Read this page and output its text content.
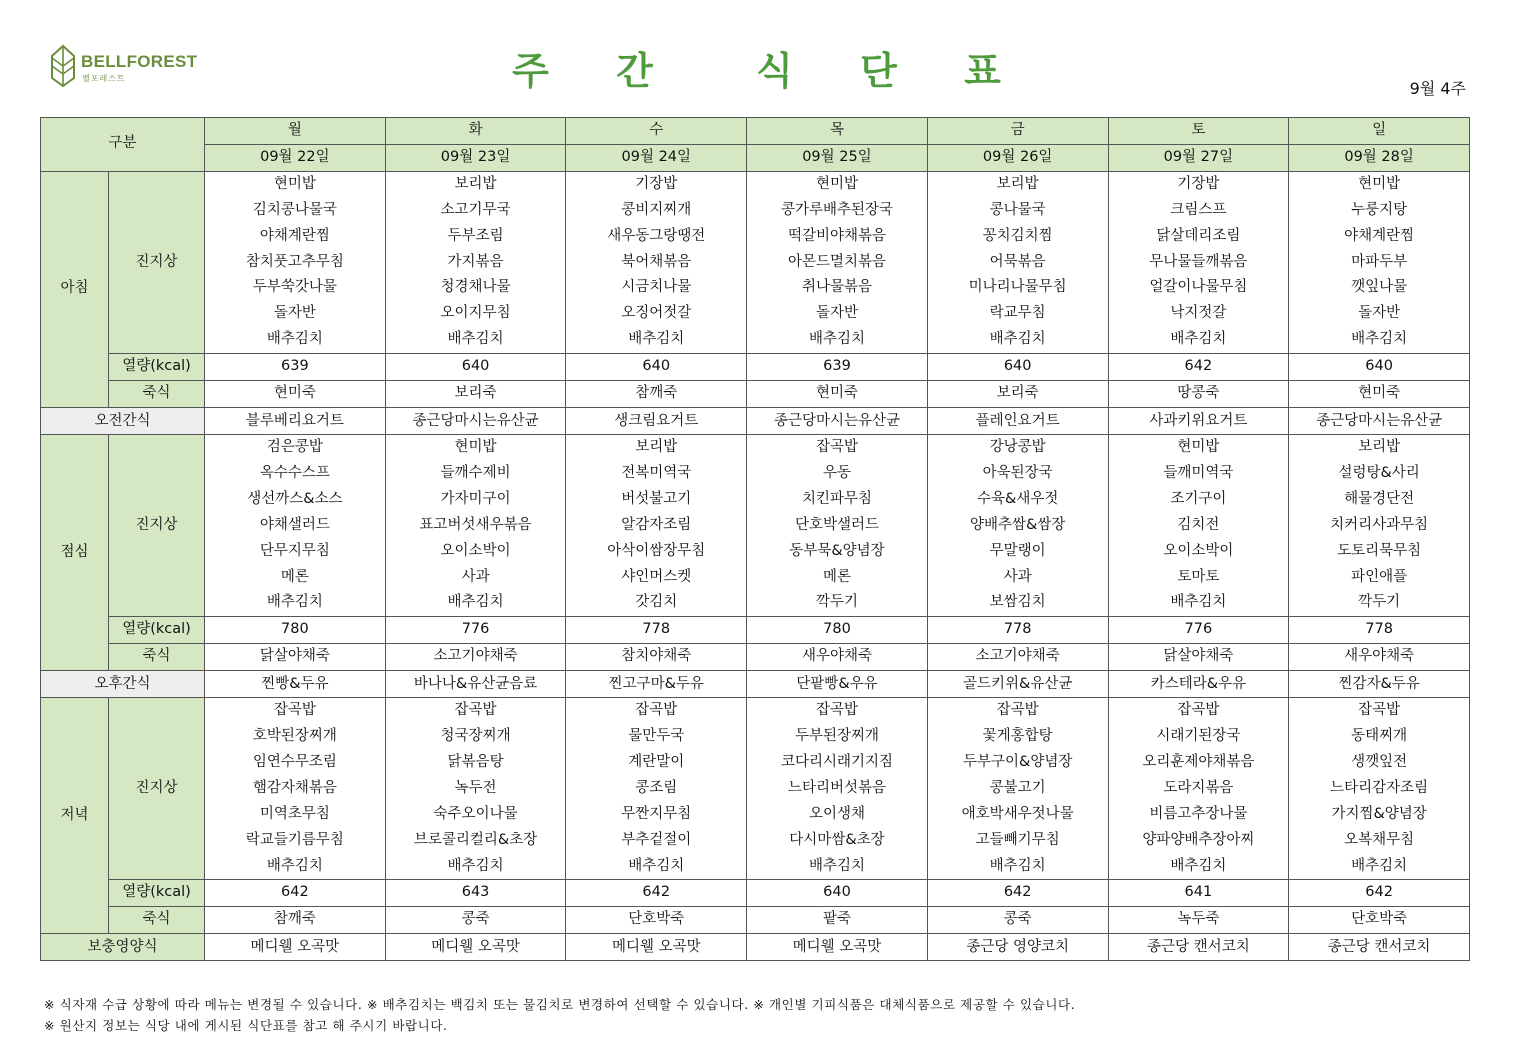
BELLFOREST
벨포레스트	주 간	식 단 표	9월 4주
구분		월	화	수	목	금	토	일
		09월 22일	09월 23일	09월 24일	09월 25일	09월 26일	09월 27일	09월 28일
아침	진지상	현미밥	보리밥	기장밥	현미밥	보리밥	기장밥	현미밥
		김치콩나물국	소고기무국	콩비지찌개	콩가루배추된장국	콩나물국	크림스프	누룽지탕
		야채계란찜	두부조림	새우동그랑땡전	떡갈비야채볶음	꽁치김치찜	닭살데리조림	야채계란찜
		참치풋고추무침	가지볶음	북어채볶음	아몬드멸치볶음	어묵볶음	무나물들깨볶음	마파두부
		두부쑥갓나물	청경채나물	시금치나물	취나물볶음	미나리나물무침	얼갈이나물무침	깻잎나물
		돌자반	오이지무침	오징어젓갈	돌자반	락교무침	낙지젓갈	돌자반
		배추김치	배추김치	배추김치	배추김치	배추김치	배추김치	배추김치
	열량(kcal)	639	640	640	639	640	642	640
	죽식	현미죽	보리죽	참깨죽	현미죽	보리죽	땅콩죽	현미죽
오전간식		블루베리요거트	종근당마시는유산균	생크림요거트	종근당마시는유산균	플레인요거트	사과키위요거트	종근당마시는유산균
점심	진지상	검은콩밥	현미밥	보리밥	잡곡밥	강낭콩밥	현미밥	보리밥
		옥수수스프	들깨수제비	전복미역국	우동	아욱된장국	들깨미역국	설렁탕&사리
		생선까스&소스	가자미구이	버섯불고기	치킨파무침	수육&새우젓	조기구이	해물경단전
		야채샐러드	표고버섯새우볶음	알감자조림	단호박샐러드	양배추쌈&쌈장	김치전	치커리사과무침
		단무지무침	오이소박이	아삭이쌈장무침	동부묵&양념장	무말랭이	오이소박이	도토리묵무침
		메론	사과	샤인머스켓	메론	사과	토마토	파인애플
		배추김치	배추김치	갓김치	깍두기	보쌈김치	배추김치	깍두기
	열량(kcal)	780	776	778	780	778	776	778
	죽식	닭살야채죽	소고기야채죽	참치야채죽	새우야채죽	소고기야채죽	닭살야채죽	새우야채죽
오후간식		찐빵&두유	바나나&유산균음료	찐고구마&두유	단팥빵&우유	골드키위&유산균	카스테라&우유	찐감자&두유
저녁	진지상	잡곡밥	잡곡밥	잡곡밥	잡곡밥	잡곡밥	잡곡밥	잡곡밥
		호박된장찌개	청국장찌개	물만두국	두부된장찌개	꽃게홍합탕	시래기된장국	동태찌개
		임연수무조림	닭볶음탕	계란말이	코다리시래기지짐	두부구이&양념장	오리훈제야채볶음	생깻잎전
		햄감자채볶음	녹두전	콩조림	느타리버섯볶음	콩불고기	도라지볶음	느타리감자조림
		미역초무침	숙주오이나물	무짠지무침	오이생채	애호박새우젓나물	비름고추장나물	가지찜&양념장
		락교들기름무침	브로콜리컬리&초장	부추겉절이	다시마쌈&초장	고들빼기무침	양파양배추장아찌	오복채무침
		배추김치	배추김치	배추김치	배추김치	배추김치	배추김치	배추김치
	열량(kcal)	642	643	642	640	642	641	642
	죽식	참깨죽	콩죽	단호박죽	팥죽	콩죽	녹두죽	단호박죽
보충영양식		메디웰 오곡맛	메디웰 오곡맛	메디웰 오곡맛	메디웰 오곡맛	종근당 영양코치	종근당 캔서코치	종근당 캔서코치
※ 식자재 수급 상황에 따라 메뉴는 변경될 수 있습니다. ※ 배추김치는 백김치 또는 물김치로 변경하여 선택할 수 있습니다. ※ 개인별 기피식품은 대체식품으로 제공할 수 있습니다.
※ 원산지 정보는 식당 내에 게시된 식단표를 참고 해 주시기 바랍니다.
